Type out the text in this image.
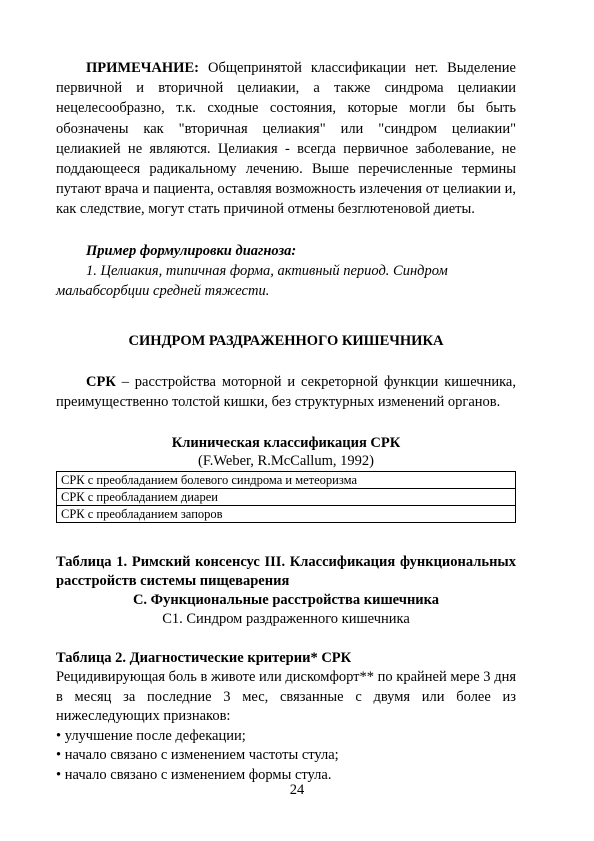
ПРИМЕЧАНИЕ: Общепринятой классификации нет. Выделение первичной и вторичной целиакии, а также синдрома целиакии нецелесообразно, т.к. сходные состояния, которые могли бы быть обозначены как "вторичная целиакия" или "синдром целиакии" целиакией не являются. Целиакия - всегда первичное заболевание, не поддающееся радикальному лечению. Выше перечисленные термины путают врача и пациента, оставляя возможность излечения от целиакии и, как следствие, могут стать причиной отмены безглютеновой диеты.

Пример формулировки диагноза:

1. Целиакия, типичная форма, активный период. Синдром мальабсорбции средней тяжести.

СИНДРОМ РАЗДРАЖЕННОГО КИШЕЧНИКА

СРК – расстройства моторной и секреторной функции кишечника, преимущественно толстой кишки, без структурных изменений органов.

Клиническая классификация СРК

(F.Weber, R.McCallum, 1992)

СРК с преобладанием болевого синдрома и метеоризма
СРК с преобладанием диареи
СРК с преобладанием запоров

Таблица 1. Римский консенсус III. Классификация функциональных расстройств системы пищеварения

С. Функциональные расстройства кишечника

С1. Синдром раздраженного кишечника

Таблица 2. Диагностические критерии* СРК

Рецидивирующая боль в животе или дискомфорт** по крайней мере 3 дня в месяц за последние 3 мес, связанные с двумя или более из нижеследующих признаков:

• улучшение после дефекации;
• начало связано с изменением частоты стула;
• начало связано с изменением формы стула.
24
